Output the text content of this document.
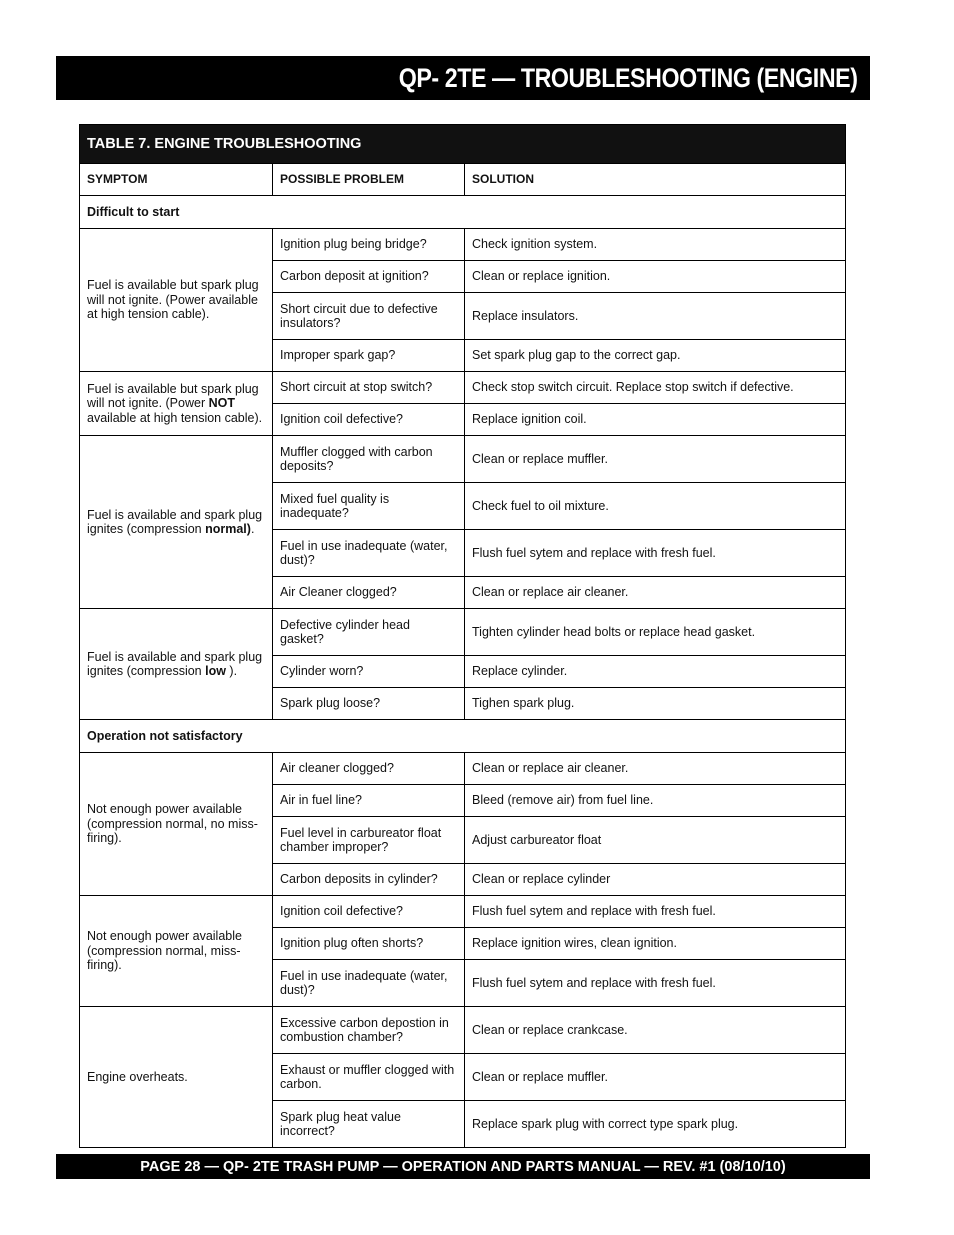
QP- 2TE — TROUBLESHOOTING (ENGINE)
TABLE 7. ENGINE TROUBLESHOOTING		
SYMPTOM	POSSIBLE PROBLEM	SOLUTION
Difficult to start		
Fuel is available but spark plug will not ignite. (Power available at high tension cable).	Ignition plug being bridge?	Check ignition system.
	Carbon deposit at ignition?	Clean or replace ignition.
	Short circuit due to defective insulators?	Replace insulators.
	Improper spark gap?	Set spark plug gap to the correct gap.
Fuel is available but spark plug will not ignite. (Power NOT available at high tension cable).	Short circuit at stop switch?	Check stop switch circuit. Replace stop switch if defective.
	Ignition coil defective?	Replace ignition coil.
Fuel is available and spark plug ignites (compression normal).	Muffler clogged with carbon deposits?	Clean or replace muffler.
	Mixed fuel quality is inadequate?	Check fuel to oil mixture.
	Fuel in use inadequate (water, dust)?	Flush fuel sytem and replace with fresh fuel.
	Air Cleaner clogged?	Clean or replace air cleaner.
Fuel is available and spark plug ignites (compression low ).	Defective cylinder head gasket?	Tighten cylinder head bolts or replace head gasket.
	Cylinder worn?	Replace cylinder.
	Spark plug loose?	Tighen spark plug.
Operation not satisfactory		
Not enough power available (compression normal, no miss-firing).	Air cleaner clogged?	Clean or replace air cleaner.
	Air in fuel line?	Bleed (remove air) from fuel line.
	Fuel level in carbureator float chamber improper?	Adjust carbureator float
	Carbon deposits in cylinder?	Clean or replace cylinder
Not enough power available (compression normal, miss-firing).	Ignition coil defective?	Flush fuel sytem and replace with fresh fuel.
	Ignition plug often shorts?	Replace ignition wires, clean ignition.
	Fuel in use inadequate (water, dust)?	Flush fuel sytem and replace with fresh fuel.
Engine overheats.	Excessive carbon depostion in combustion chamber?	Clean or replace crankcase.
	Exhaust or muffler clogged with carbon.	Clean or replace muffler.
	Spark plug heat value incorrect?	Replace spark plug with correct type spark plug.
PAGE 28 — QP- 2TE TRASH PUMP — OPERATION AND PARTS MANUAL — REV. #1 (08/10/10)
